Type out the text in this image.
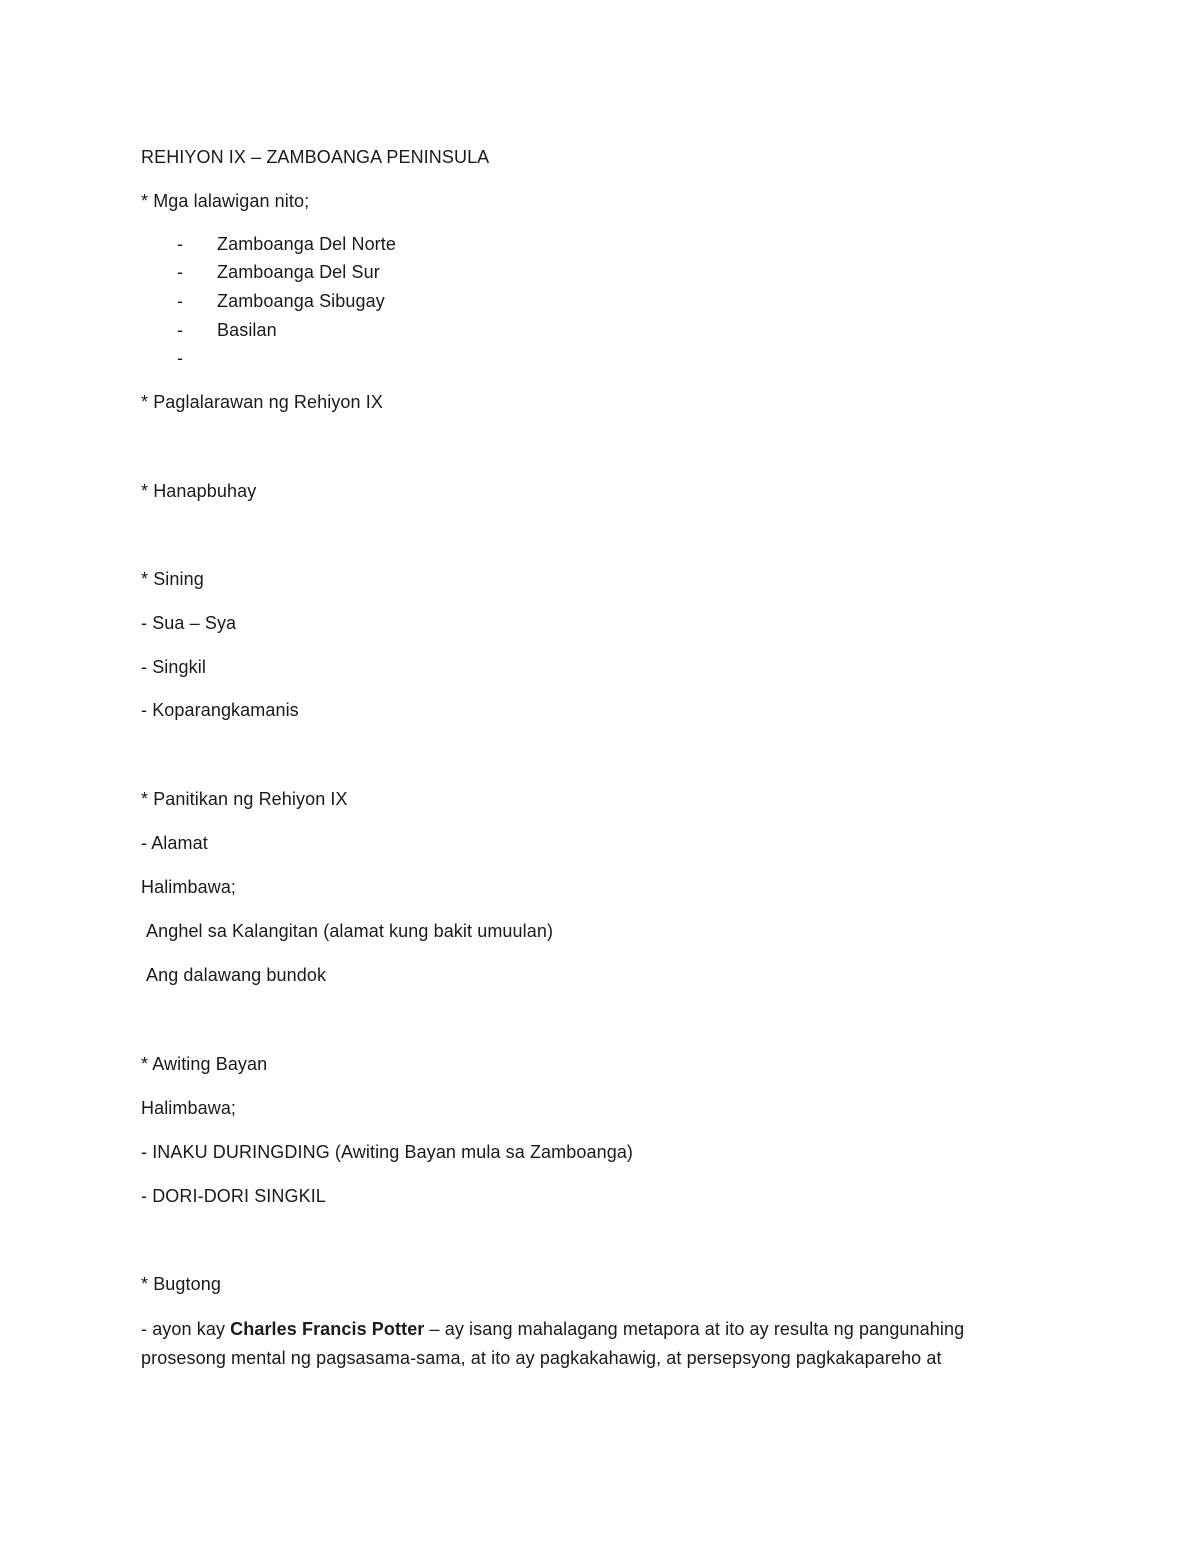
REHIYON IX – ZAMBOANGA PENINSULA
* Mga lalawigan nito;
- Zamboanga Del Norte
- Zamboanga Del Sur
- Zamboanga Sibugay
- Basilan
-
* Paglalarawan ng Rehiyon IX
* Hanapbuhay
* Sining
- Sua – Sya
- Singkil
- Koparangkamanis
* Panitikan ng Rehiyon IX
- Alamat
Halimbawa;
Anghel sa Kalangitan (alamat kung bakit umuulan)
Ang dalawang bundok
* Awiting Bayan
Halimbawa;
- INAKU DURINGDING (Awiting Bayan mula sa Zamboanga)
- DORI-DORI SINGKIL
* Bugtong
- ayon kay Charles Francis Potter – ay isang mahalagang metapora at ito ay resulta ng pangunahing
prosesong mental ng pagsasama-sama, at ito ay pagkakahawig, at persepsyong pagkakapareho at
